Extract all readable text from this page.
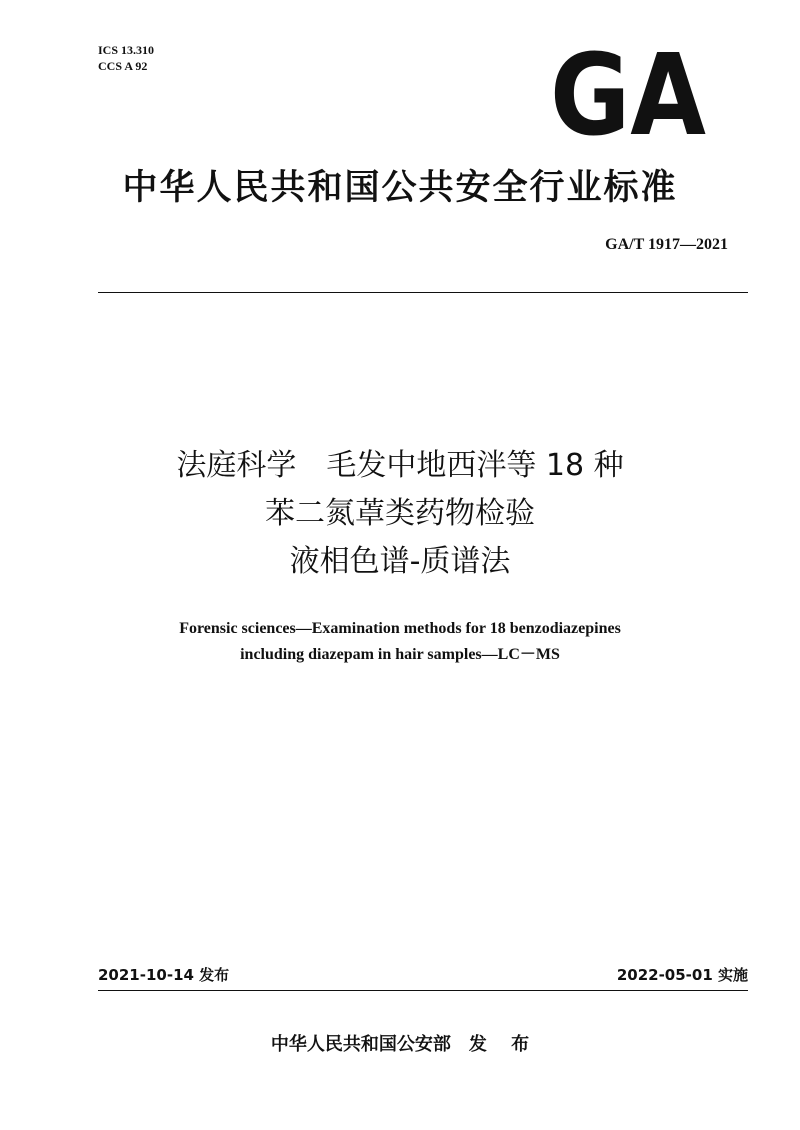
ICS 13.310
CCS A 92	GA
中华人民共和国公共安全行业标准
GA/T 1917—2021
法庭科学　毛发中地西泮等 18 种
苯二氮䓬类药物检验
液相色谱-质谱法
Forensic sciences—Examination methods for 18 benzodiazepines
including diazepam in hair samples—LC－MS
2021-10-14 发布	2022-05-01 实施
中华人民共和国公安部　发 布
